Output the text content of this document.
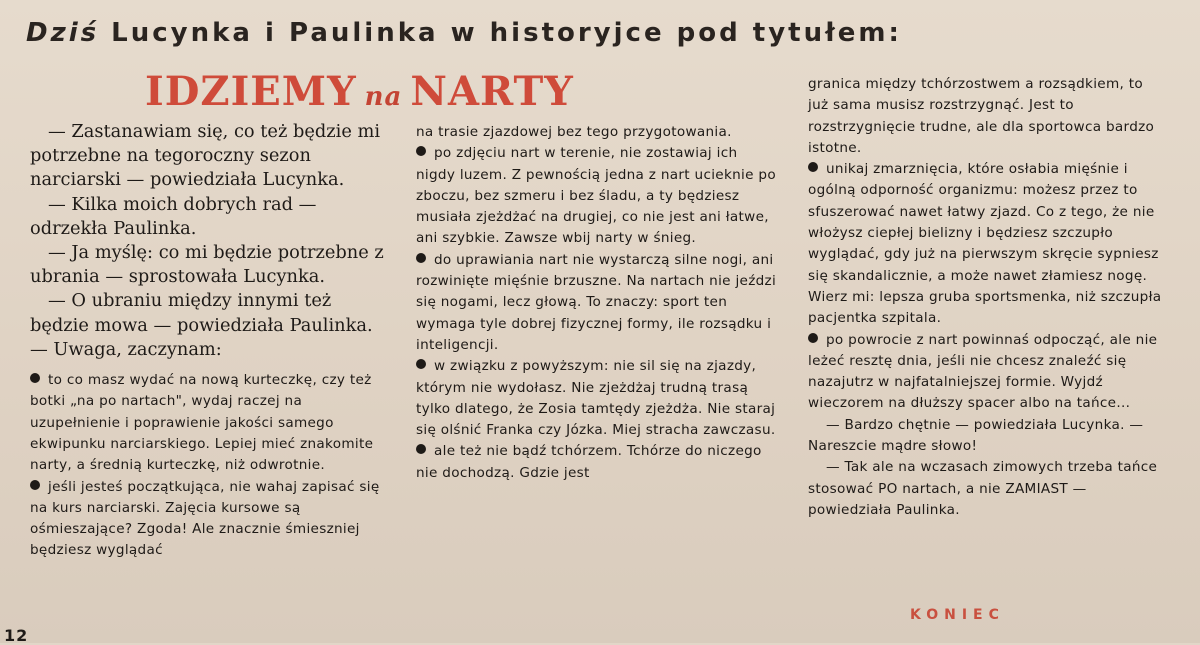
Dziś Lucynka i Paulinka w historyjce pod tytułem:
IDZIEMY na NARTY

— Zastanawiam się, co też będzie mi potrzebne na tegoroczny sezon narciarski — powiedziała Lucynka.

— Kilka moich dobrych rad — odrzekła Paulinka.

— Ja myślę: co mi będzie potrzebne z ubrania — sprostowała Lucynka.

— O ubraniu między innymi też będzie mowa — powiedziała Paulinka. — Uwaga, zaczynam:

to co masz wydać na nową kurteczkę, czy też botki „na po nartach", wydaj raczej na uzupełnienie i poprawienie jakości samego ekwipunku narciarskiego. Lepiej mieć znakomite narty, a średnią kurteczkę, niż odwrotnie.

jeśli jesteś początkująca, nie wahaj zapisać się na kurs narciarski. Zajęcia kursowe są ośmieszające? Zgoda! Ale znacznie śmieszniej będziesz wyglądać

na trasie zjazdowej bez tego przygotowania.

po zdjęciu nart w terenie, nie zostawiaj ich nigdy luzem. Z pewnością jedna z nart ucieknie po zboczu, bez szmeru i bez śladu, a ty będziesz musiała zjeżdżać na drugiej, co nie jest ani łatwe, ani szybkie. Zawsze wbij narty w śnieg.

do uprawiania nart nie wystarczą silne nogi, ani rozwinięte mięśnie brzuszne. Na nartach nie jeździ się nogami, lecz głową. To znaczy: sport ten wymaga tyle dobrej fizycznej formy, ile rozsądku i inteligencji.

w związku z powyższym: nie sil się na zjazdy, którym nie wydołasz. Nie zjeżdżaj trudną trasą tylko dlatego, że Zosia tamtędy zjeżdża. Nie staraj się olśnić Franka czy Józka. Miej stracha zawczasu.

ale też nie bądź tchórzem. Tchórze do niczego nie dochodzą. Gdzie jest

granica między tchórzostwem a rozsądkiem, to już sama musisz rozstrzygnąć. Jest to rozstrzygnięcie trudne, ale dla sportowca bardzo istotne.

unikaj zmarznięcia, które osłabia mięśnie i ogólną odporność organizmu: możesz przez to sfuszerować nawet łatwy zjazd. Co z tego, że nie włożysz ciepłej bielizny i będziesz szczupło wyglądać, gdy już na pierwszym skręcie sypniesz się skandalicznie, a może nawet złamiesz nogę. Wierz mi: lepsza gruba sportsmenka, niż szczupła pacjentka szpitala.

po powrocie z nart powinnaś odpocząć, ale nie leżeć resztę dnia, jeśli nie chcesz znaleźć się nazajutrz w najfatalniejszej formie. Wyjdź wieczorem na dłuższy spacer albo na tańce...

— Bardzo chętnie — powiedziała Lucynka. — Nareszcie mądre słowo!

— Tak ale na wczasach zimowych trzeba tańce stosować PO nartach, a nie ZAMIAST — powiedziała Paulinka.

KONIEC
12
